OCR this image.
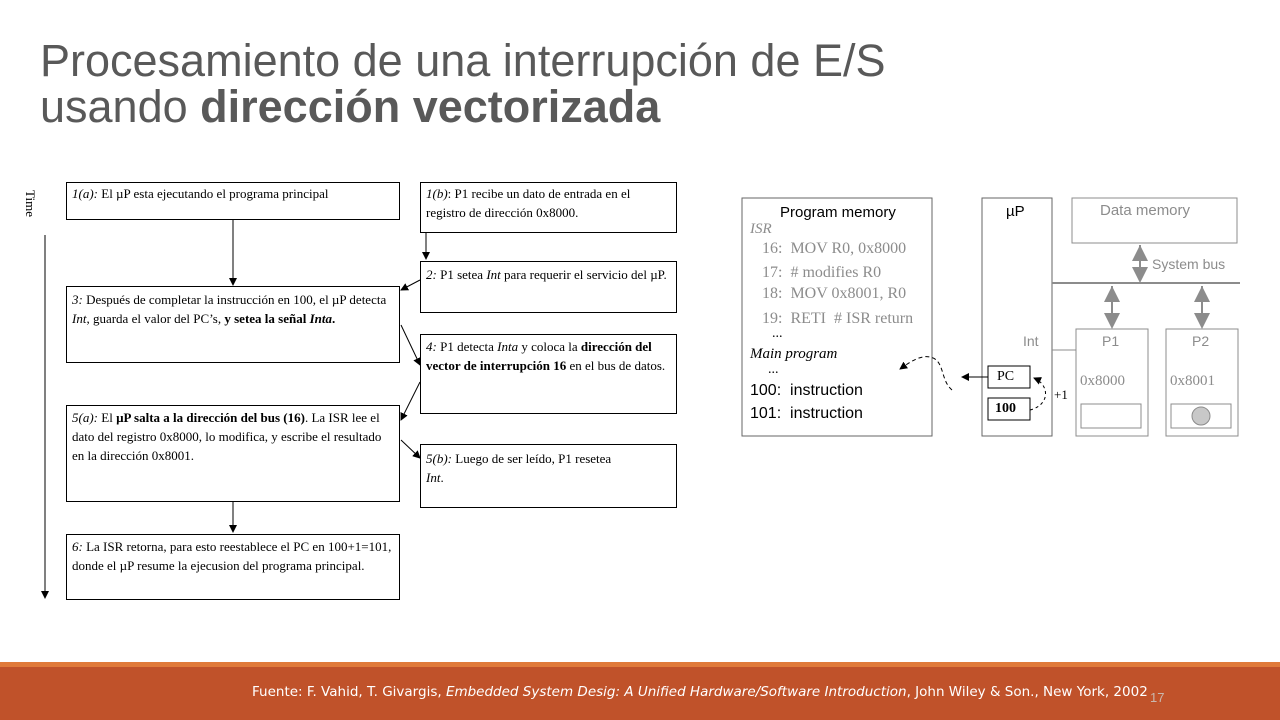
Procesamiento de una interrupción de E/S
usando dirección vectorizada
Time	1(a): El µP esta ejecutando el programa principal	1(b): P1 recibe un dato de entrada en el registro de dirección 0x8000.
2: P1 setea Int para requerir el servicio del µP.
3: Después de completar la instrucción en 100, el µP detecta Int, guarda el valor del PC’s, y setea la señal Inta.
4: P1 detecta Inta y coloca la dirección del vector de interrupción 16 en el bus de datos.
5(a): El µP salta a la dirección del bus (16). La ISR lee el dato del registro 0x8000, lo modifica, y escribe el resultado en la dirección 0x8001.	5(b): Luego de ser leído, P1 resetea
Int.
6: La ISR retorna, para esto reestablece el PC en 100+1=101, donde el µP resume la ejecusion del programa principal.
Program memory
ISR
16:  MOV R0, 0x8000
17:  # modifies R0
18:  MOV 0x8001, R0
19:  RETI  # ISR return
...
Main program
...
100:  instruction
101:  instruction
µP
Int
PC
100
+1
Data memory
System bus
P1
0x8000
P2
0x8001
Fuente: F. Vahid, T. Givargis, Embedded System Desig: A Unified Hardware/Software Introduction, John Wiley & Son., New York, 2002 17
